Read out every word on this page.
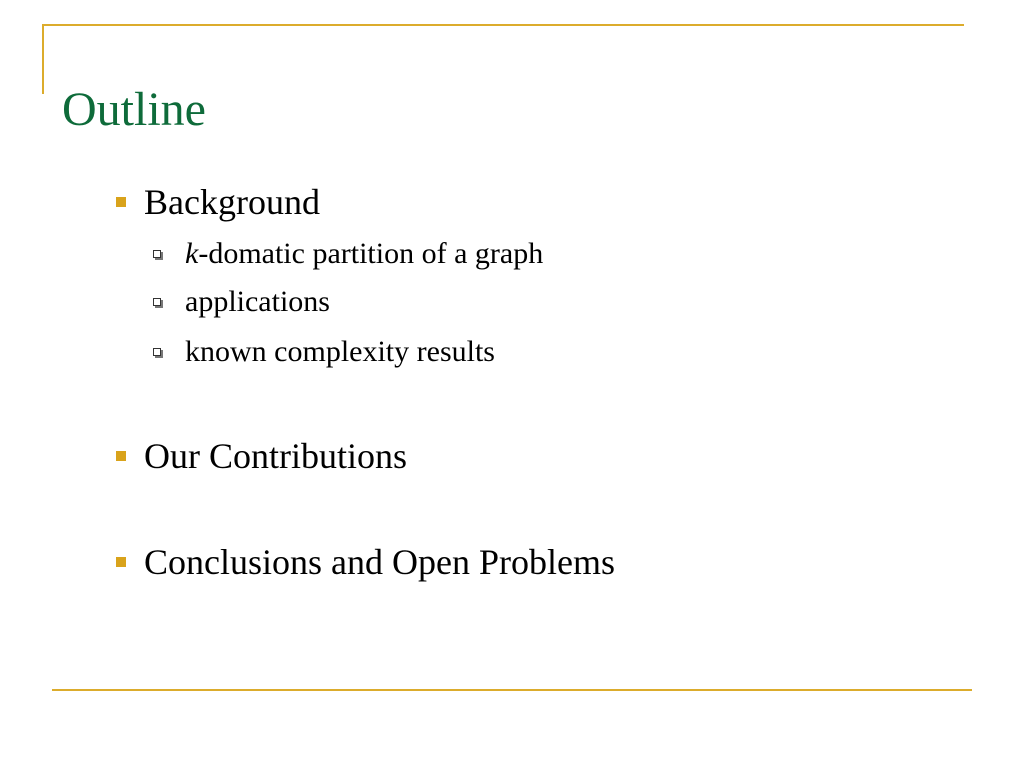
Outline
Background
k-domatic partition of a graph
applications
known complexity results
Our Contributions
Conclusions and Open Problems
